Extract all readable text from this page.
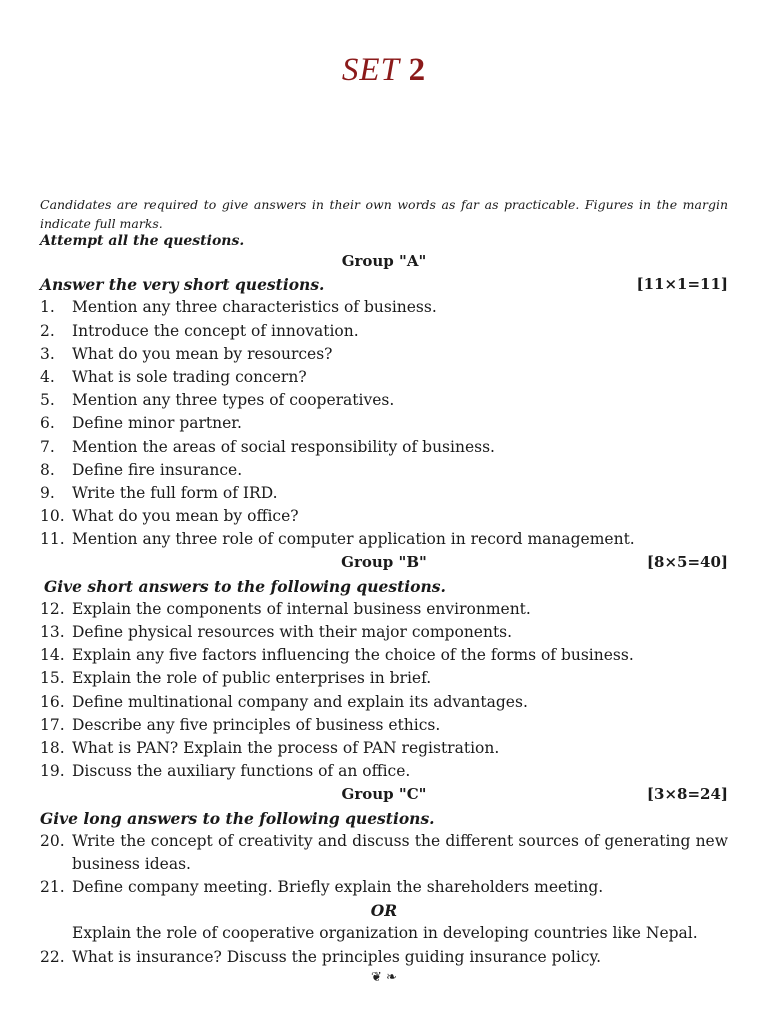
SET 2
Candidates are required to give answers in their own words as far as practicable. Figures in the margin indicate full marks.
Attempt all the questions.
Group "A"
Answer the very short questions.	[11×1=11]
1.	Mention any three characteristics of business.
2.	Introduce the concept of innovation.
3.	What do you mean by resources?
4.	What is sole trading concern?
5.	Mention any three types of cooperatives.
6.	Define minor partner.
7.	Mention the areas of social responsibility of business.
8.	Define fire insurance.
9.	Write the full form of IRD.
10. What do you mean by office?
11. Mention any three role of computer application in record management.
Group "B"	[8×5=40]
Give short answers to the following questions.
12. Explain the components of internal business environment.
13. Define physical resources with their major components.
14. Explain any five factors influencing the choice of the forms of business.
15. Explain the role of public enterprises in brief.
16. Define multinational company and explain its advantages.
17. Describe any five principles of business ethics.
18. What is PAN? Explain the process of PAN registration.
19. Discuss the auxiliary functions of an office.
Group "C"	[3×8=24]
Give long answers to the following questions.
20. Write the concept of creativity and discuss the different sources of generating new business ideas.
21. Define company meeting. Briefly explain the shareholders meeting.
OR
Explain the role of cooperative organization in developing countries like Nepal.
22. What is insurance? Discuss the principles guiding insurance policy.
❦ ❧
